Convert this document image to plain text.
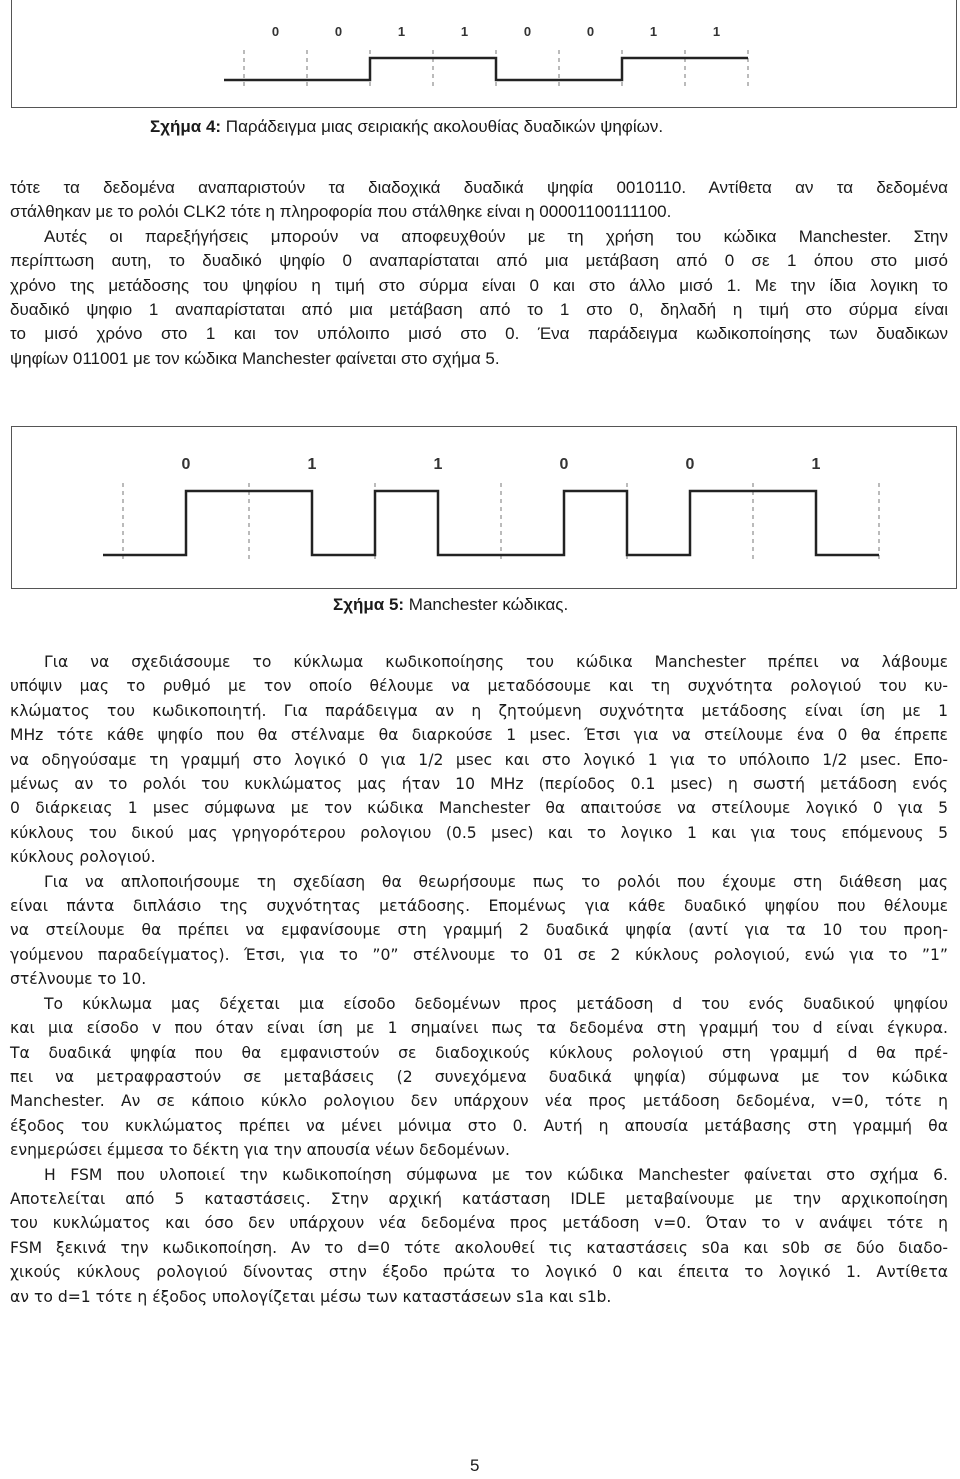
0	0	1	1	0	0	1	1
Σχήμα 4: Παράδειγμα μιας σειριακής ακολουθίας δυαδικών ψηφίων.
τότε τα δεδομένα αναπαριστούν τα διαδοχικά δυαδικά ψηφία 0010110. Αντίθετα αν τα δεδομένα
στάλθηκαν με το ρολόι CLK2 τότε η πληροφορία που στάλθηκε είναι η 00001100111100.
Αυτές οι παρεξήγήσεις μπορούν να αποφευχθούν με τη χρήση του κώδικα Manchester. Στην
περίπτωση αυτη, το δυαδικό ψηφίο 0 αναπαρίσταται από μια μετάβαση από 0 σε 1 όπου στο μισό
χρόνο της μετάδοσης του ψηφίου η τιμή στο σύρμα είναι 0 και στο άλλο μισό 1. Με την ίδια λογικη το
δυαδικό ψηφιο 1 αναπαρίσταται από μια μετάβαση από το 1 στο 0, δηλαδή η τιμή στο σύρμα είναι
το μισό χρόνο στο 1 και τον υπόλοιπο μισό στο 0. Ένα παράδειγμα κωδικοποίησης των δυαδικων
ψηφίων 011001 με τον κώδικα Manchester φαίνεται στο σχήμα 5.
0	1	1	0	0	1
Σχήμα 5: Manchester κώδικας.
Για να σχεδιάσουμε το κύκλωμα κωδικοποίησης του κώδικα Manchester πρέπει να λάβουμε
υπόψιν μας το ρυθμό με τον οποίο θέλουμε να μεταδόσουμε και τη συχνότητα ρολογιού του κυ-
κλώματος του κωδικοποιητή. Για παράδειγμα αν η ζητούμενη συχνότητα μετάδοσης είναι ίση με 1
MHz τότε κάθε ψηφίο που θα στέλναμε θα διαρκούσε 1 μsec. Έτσι για να στείλουμε ένα 0 θα έπρεπε
να οδηγούσαμε τη γραμμή στο λογικό 0 για 1/2 μsec και στο λογικό 1 για το υπόλοιπο 1/2 μsec. Επο-
μένως αν το ρολόι του κυκλώματος μας ήταν 10 MHz (περίοδος 0.1 μsec) η σωστή μετάδοση ενός
0 διάρκειας 1 μsec σύμφωνα με τον κώδικα Manchester θα απαιτούσε να στείλουμε λογικό 0 για 5
κύκλους του δικού μας γρηγορότερου ρολογιου (0.5 μsec) και το λογικο 1 και για τους επόμενους 5
κύκλους ρολογιού.
Για να απλοποιήσουμε τη σχεδίαση θα θεωρήσουμε πως το ρολόι που έχουμε στη διάθεση μας
είναι πάντα διπλάσιο της συχνότητας μετάδοσης. Επομένως για κάθε δυαδικό ψηφίου που θέλουμε
να στείλουμε θα πρέπει να εμφανίσουμε στη γραμμή 2 δυαδικά ψηφία (αντί για τα 10 του προη-
γούμενου παραδείγματος). Έτσι, για το ”0” στέλνουμε το 01 σε 2 κύκλους ρολογιού, ενώ για το ”1”
στέλνουμε το 10.
Το κύκλωμα μας δέχεται μια είσοδο δεδομένων προς μετάδοση d του ενός δυαδικού ψηφίου
και μια είσοδο v που όταν είναι ίση με 1 σημαίνει πως τα δεδομένα στη γραμμή του d είναι έγκυρα.
Τα δυαδικά ψηφία που θα εμφανιστούν σε διαδοχικούς κύκλους ρολογιού στη γραμμή d θα πρέ-
πει να μετραφραστούν σε μεταβάσεις (2 συνεχόμενα δυαδικά ψηφία) σύμφωνα με τον κώδικα
Manchester. Αν σε κάποιο κύκλο ρολογιου δεν υπάρχουν νέα προς μετάδοση δεδομένα, v=0, τότε η
έξοδος του κυκλώματος πρέπει να μένει μόνιμα στο 0. Αυτή η απουσία μετάβασης στη γραμμή θα
ενημερώσει έμμεσα το δέκτη για την απουσία νέων δεδομένων.
Η FSM που υλοποιεί την κωδικοποίηση σύμφωνα με τον κώδικα Manchester φαίνεται στο σχήμα 6.
Αποτελείται από 5 καταστάσεις. Στην αρχική κατάσταση IDLE μεταβαίνουμε με την αρχικοποίηση
του κυκλώματος και όσο δεν υπάρχουν νέα δεδομένα προς μετάδοση v=0. Όταν το v ανάψει τότε η
FSM ξεκινά την κωδικοποίηση. Αν το d=0 τότε ακολουθεί τις καταστάσεις s0a και s0b σε δύο διαδο-
χικούς κύκλους ρολογιού δίνοντας στην έξοδο πρώτα το λογικό 0 και έπειτα το λογικό 1. Αντίθετα
αν το d=1 τότε η έξοδος υπολογίζεται μέσω των καταστάσεων s1a και s1b.
5
